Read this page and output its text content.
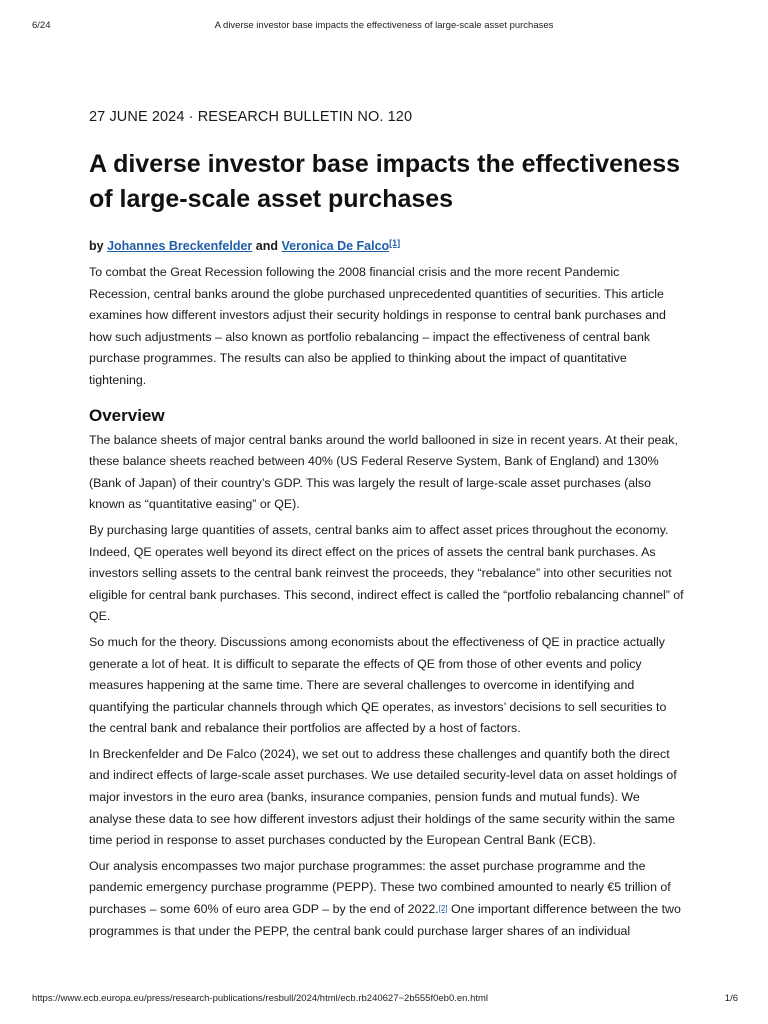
6/24	A diverse investor base impacts the effectiveness of large-scale asset purchases
27 JUNE 2024 · RESEARCH BULLETIN NO. 120
A diverse investor base impacts the effectiveness of large-scale asset purchases
by Johannes Breckenfelder and Veronica De Falco[1]

To combat the Great Recession following the 2008 financial crisis and the more recent Pandemic Recession, central banks around the globe purchased unprecedented quantities of securities. This article examines how different investors adjust their security holdings in response to central bank purchases and how such adjustments – also known as portfolio rebalancing – impact the effectiveness of central bank purchase programmes. The results can also be applied to thinking about the impact of quantitative tightening.

Overview

The balance sheets of major central banks around the world ballooned in size in recent years. At their peak, these balance sheets reached between 40% (US Federal Reserve System, Bank of England) and 130% (Bank of Japan) of their country’s GDP. This was largely the result of large-scale asset purchases (also known as “quantitative easing” or QE).

By purchasing large quantities of assets, central banks aim to affect asset prices throughout the economy. Indeed, QE operates well beyond its direct effect on the prices of assets the central bank purchases. As investors selling assets to the central bank reinvest the proceeds, they “rebalance” into other securities not eligible for central bank purchases. This second, indirect effect is called the “portfolio rebalancing channel” of QE.

So much for the theory. Discussions among economists about the effectiveness of QE in practice actually generate a lot of heat. It is difficult to separate the effects of QE from those of other events and policy measures happening at the same time. There are several challenges to overcome in identifying and quantifying the particular channels through which QE operates, as investors’ decisions to sell securities to the central bank and rebalance their portfolios are affected by a host of factors.

In Breckenfelder and De Falco (2024), we set out to address these challenges and quantify both the direct and indirect effects of large-scale asset purchases. We use detailed security-level data on asset holdings of major investors in the euro area (banks, insurance companies, pension funds and mutual funds). We analyse these data to see how different investors adjust their holdings of the same security within the same time period in response to asset purchases conducted by the European Central Bank (ECB).

Our analysis encompasses two major purchase programmes: the asset purchase programme and the pandemic emergency purchase programme (PEPP). These two combined amounted to nearly €5 trillion of purchases – some 60% of euro area GDP – by the end of 2022.[2] One important difference between the two programmes is that under the PEPP, the central bank could purchase larger shares of an individual

https://www.ecb.europa.eu/press/research-publications/resbull/2024/html/ecb.rb240627~2b555f0eb0.en.html	1/6
